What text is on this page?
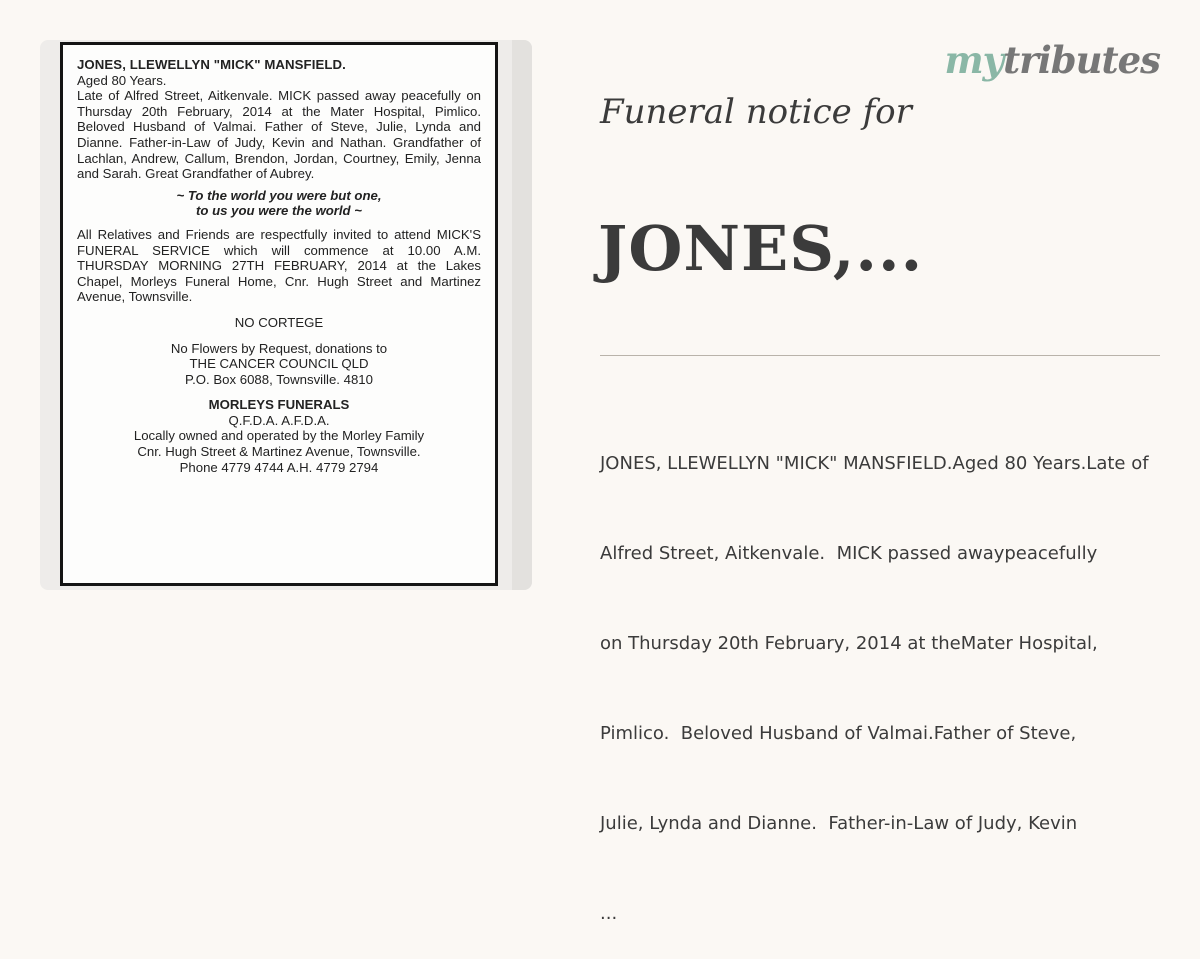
JONES, LLEWELLYN "MICK" MANSFIELD.
Aged 80 Years.
Late of Alfred Street, Aitkenvale. MICK passed away peacefully on Thursday 20th February, 2014 at the Mater Hospital, Pimlico. Beloved Husband of Valmai. Father of Steve, Julie, Lynda and Dianne. Father-in-Law of Judy, Kevin and Nathan. Grandfather of Lachlan, Andrew, Callum, Brendon, Jordan, Courtney, Emily, Jenna and Sarah. Great Grandfather of Aubrey.
~ To the world you were but one,
to us you were the world ~
All Relatives and Friends are respectfully invited to attend MICK'S FUNERAL SERVICE which will commence at 10.00 A.M. THURSDAY MORNING 27TH FEBRUARY, 2014 at the Lakes Chapel, Morleys Funeral Home, Cnr. Hugh Street and Martinez Avenue, Townsville.
NO CORTEGE
No Flowers by Request, donations to
THE CANCER COUNCIL QLD
P.O. Box 6088, Townsville. 4810
MORLEYS FUNERALS
Q.F.D.A. A.F.D.A.
Locally owned and operated by the Morley Family
Cnr. Hugh Street & Martinez Avenue, Townsville.
Phone 4779 4744 A.H. 4779 2794
mytributes
Funeral notice for
JONES,...

JONES, LLEWELLYN "MICK" MANSFIELD.Aged 80 Years.Late of

Alfred Street, Aitkenvale.  MICK passed awaypeacefully

on Thursday 20th February, 2014 at theMater Hospital,

Pimlico.  Beloved Husband of Valmai.Father of Steve,

Julie, Lynda and Dianne.  Father-in-Law of Judy, Kevin

...
